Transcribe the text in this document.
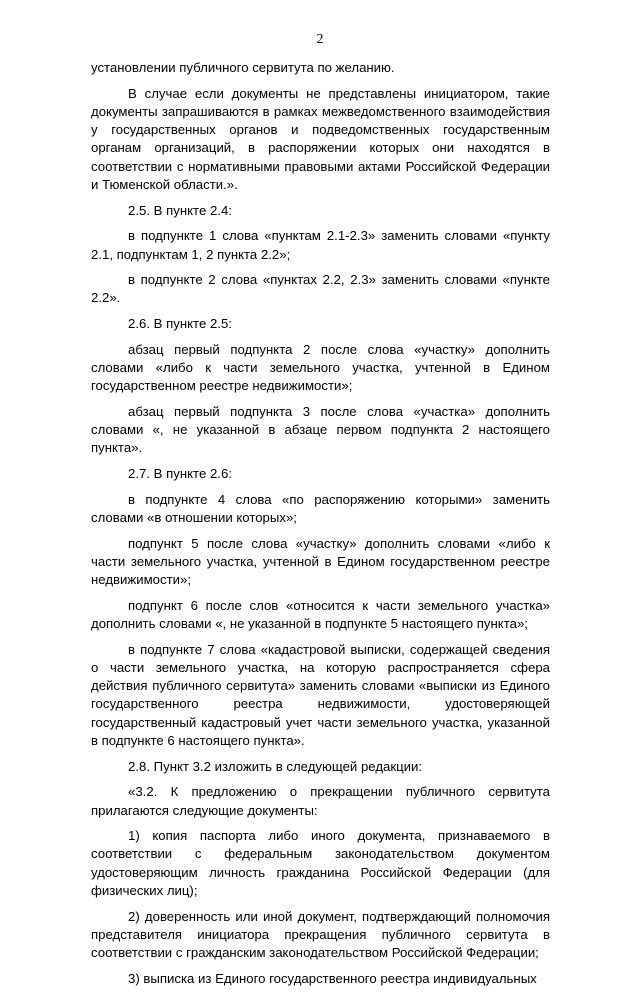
2

установлении публичного сервитута по желанию.

В случае если документы не представлены инициатором, такие документы запрашиваются в рамках межведомственного взаимодействия у государственных органов и подведомственных государственным органам организаций, в распоряжении которых они находятся в соответствии с нормативными правовыми актами Российской Федерации и Тюменской области.».

2.5. В пункте 2.4:

в подпункте 1 слова «пунктам 2.1-2.3» заменить словами «пункту 2.1, подпунктам 1, 2 пункта 2.2»;

в подпункте 2 слова «пунктах 2.2, 2.3» заменить словами «пункте 2.2».

2.6. В пункте 2.5:

абзац первый подпункта 2 после слова «участку» дополнить словами «либо к части земельного участка, учтенной в Едином государственном реестре недвижимости»;

абзац первый подпункта 3 после слова «участка» дополнить словами «, не указанной в абзаце первом подпункта 2 настоящего пункта».

2.7. В пункте 2.6:

в подпункте 4 слова «по распоряжению которыми» заменить словами «в отношении которых»;

подпункт 5 после слова «участку» дополнить словами «либо к части земельного участка, учтенной в Едином государственном реестре недвижимости»;

подпункт 6 после слов «относится к части земельного участка» дополнить словами «, не указанной в подпункте 5 настоящего пункта»;

в подпункте 7 слова «кадастровой выписки, содержащей сведения о части земельного участка, на которую распространяется сфера действия публичного сервитута» заменить словами «выписки из Единого государственного реестра недвижимости, удостоверяющей государственный кадастровый учет части земельного участка, указанной в подпункте 6 настоящего пункта».

2.8. Пункт 3.2 изложить в следующей редакции:

«3.2. К предложению о прекращении публичного сервитута прилагаются следующие документы:

1) копия паспорта либо иного документа, признаваемого в соответствии с федеральным законодательством документом удостоверяющим личность гражданина Российской Федерации (для физических лиц);

2) доверенность или иной документ, подтверждающий полномочия представителя инициатора прекращения публичного сервитута в соответствии с гражданским законодательством Российской Федерации;

3) выписка из Единого государственного реестра индивидуальных
